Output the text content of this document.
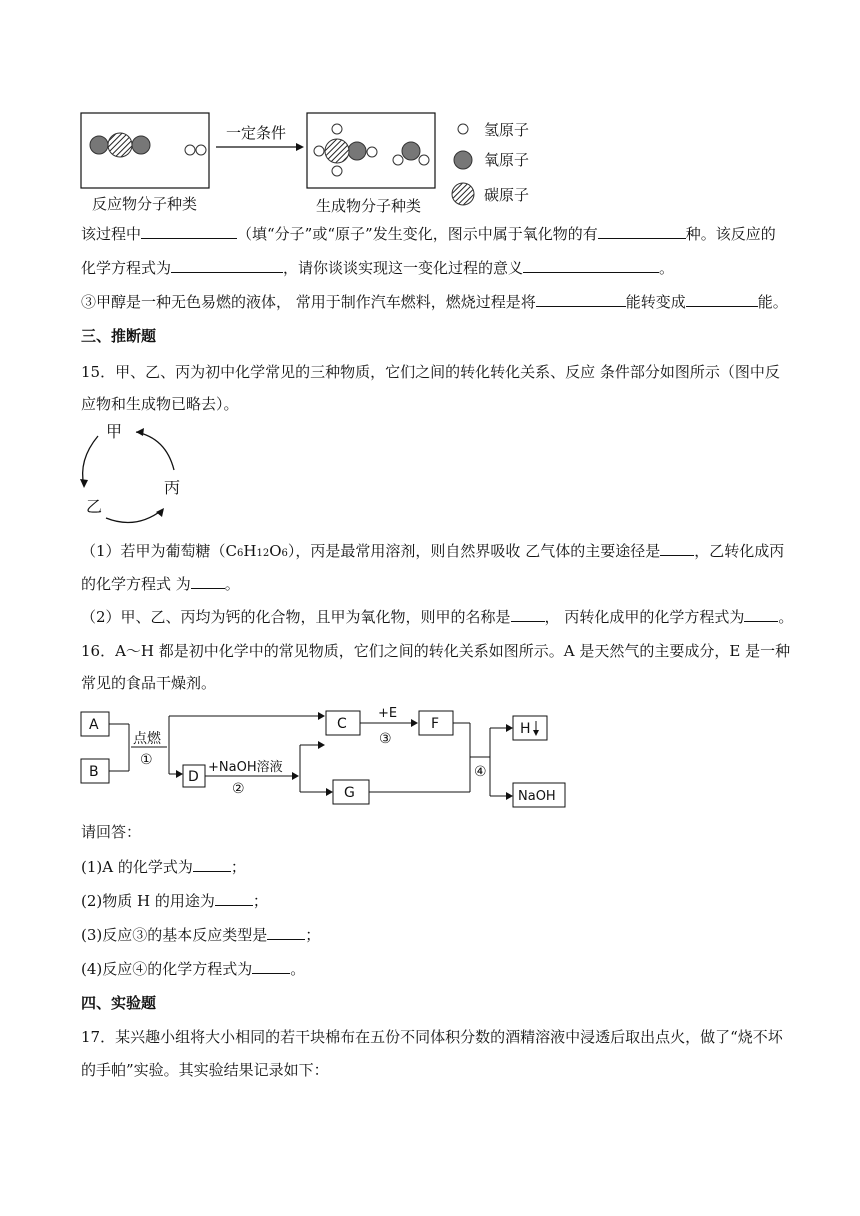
一定条件
反应物分子种类	生成物分子种类
氢原子
氧原子
碳原子
该过程中	（填“分子”或“原子”发生变化，图示中属于氧化物的有	种。该反应的
化学方程式为	，请你谈谈实现这一变化过程的意义	。
③甲醇是一种无色易燃的液体， 常用于制作汽车燃料，燃烧过程是将	能转变成	能。
三、推断题
15．甲、乙、丙为初中化学常见的三种物质，它们之间的转化转化关系、反应 条件部分如图所示（图中反
应物和生成物已略去）。
甲
丙
乙
（1）若甲为葡萄糖（C6H12O6），丙是最常用溶剂，则自然界吸收 乙气体的主要途径是 ，乙转化成丙
的化学方程式 为 。
（2）甲、乙、丙均为钙的化合物，且甲为氧化物，则甲的名称是 ， 丙转化成甲的化学方程式为 。
16．A～H 都是初中化学中的常见物质，它们之间的转化关系如图所示。A 是天然气的主要成分，E 是一种
常见的食品干燥剂。
A
B
点燃
①
C
+E
③
F
D
+NaOH溶液
②	G
④
H
NaOH
请回答：
(1)A 的化学式为	；
(2)物质 H 的用途为	；
(3)反应③的基本反应类型是	；
(4)反应④的化学方程式为	。
四、实验题
17．某兴趣小组将大小相同的若干块棉布在五份不同体积分数的酒精溶液中浸透后取出点火，做了“烧不坏
的手帕”实验。其实验结果记录如下：
